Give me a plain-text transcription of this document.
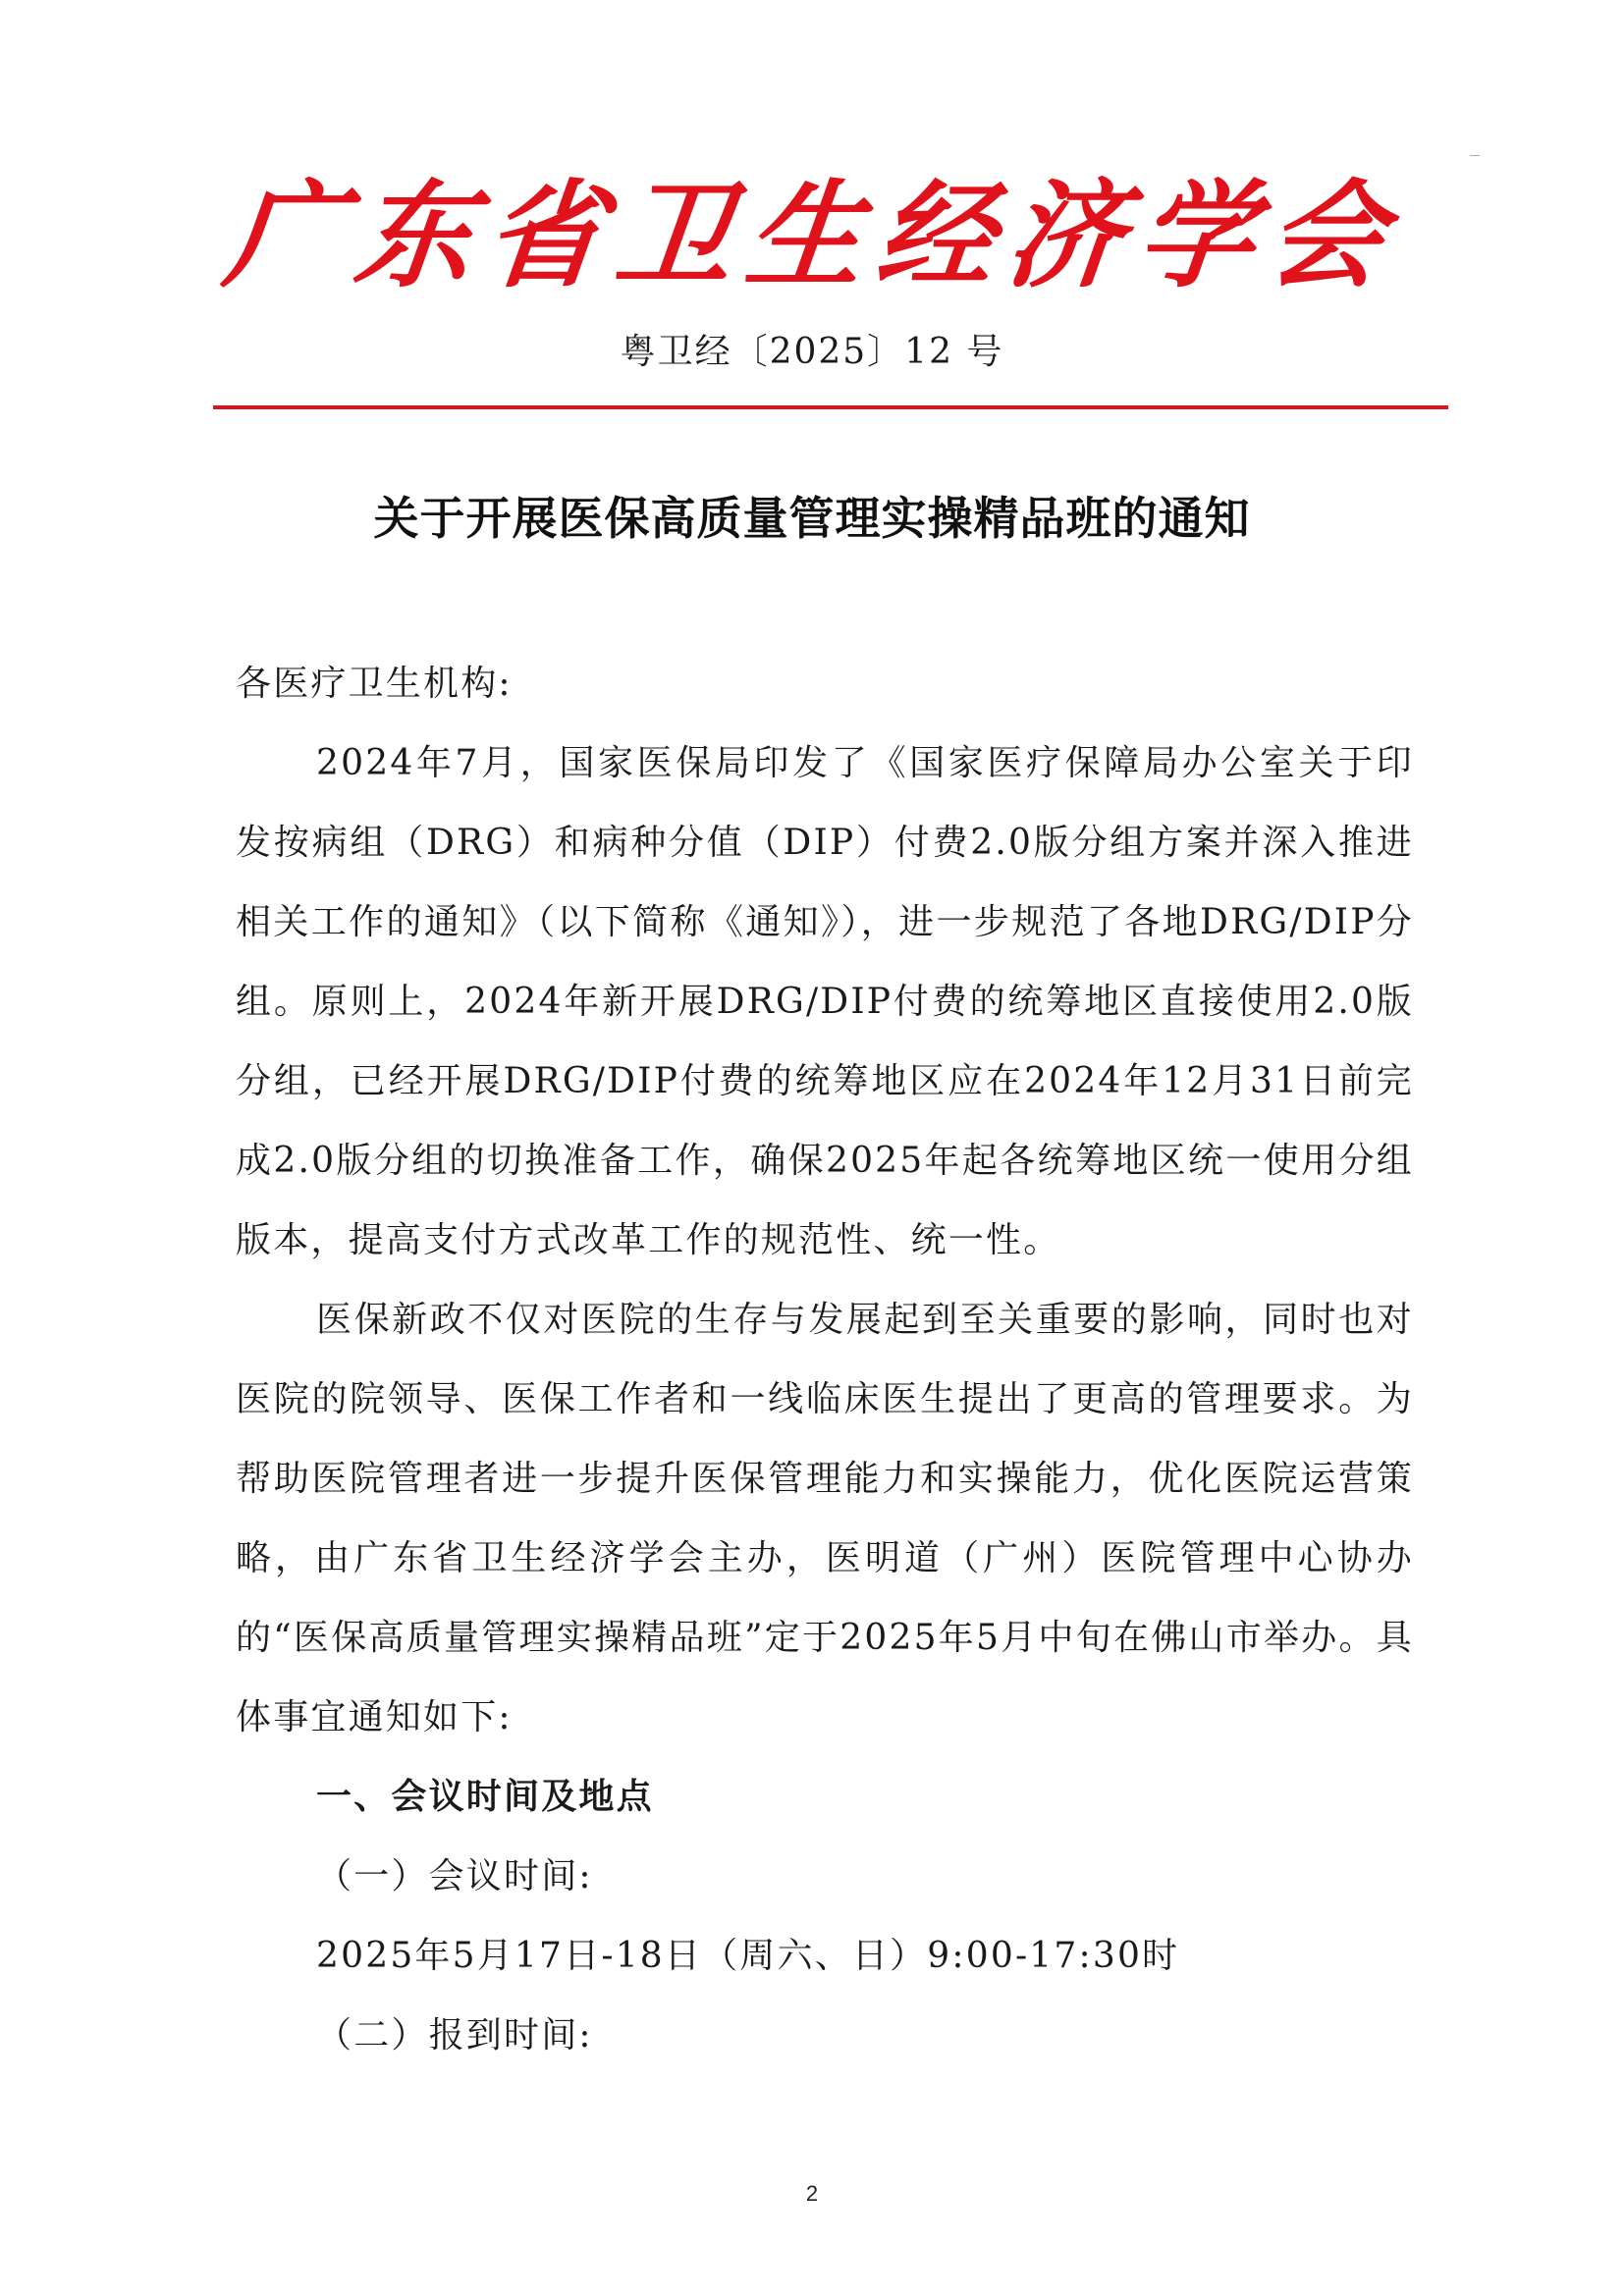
广 东 省 卫 生 经 济 学 会
粤卫经〔2025〕12 号
关于开展医保高质量管理实操精品班的通知

各医疗卫生机构:

2024年7月，国家医保局印发了《国家医疗保障局办公室关于印发按病组（DRG）和病种分值（DIP）付费2.0版分组方案并深入推进相关工作的通知》（以下简称《通知》），进一步规范了各地DRG/DIP分组。原则上，2024年新开展DRG/DIP付费的统筹地区直接使用2.0版分组，已经开展DRG/DIP付费的统筹地区应在2024年12月31日前完成2.0版分组的切换准备工作，确保2025年起各统筹地区统一使用分组版本，提高支付方式改革工作的规范性、统一性。

医保新政不仅对医院的生存与发展起到至关重要的影响，同时也对医院的院领导、医保工作者和一线临床医生提出了更高的管理要求。为帮助医院管理者进一步提升医保管理能力和实操能力，优化医院运营策略，由广东省卫生经济学会主办，医明道（广州）医院管理中心协办的“医保高质量管理实操精品班”定于2025年5月中旬在佛山市举办。具体事宜通知如下:

一、会议时间及地点

（一）会议时间:

2025年5月17日-18日（周六、日）9:00-17:30时

（二）报到时间:

2
